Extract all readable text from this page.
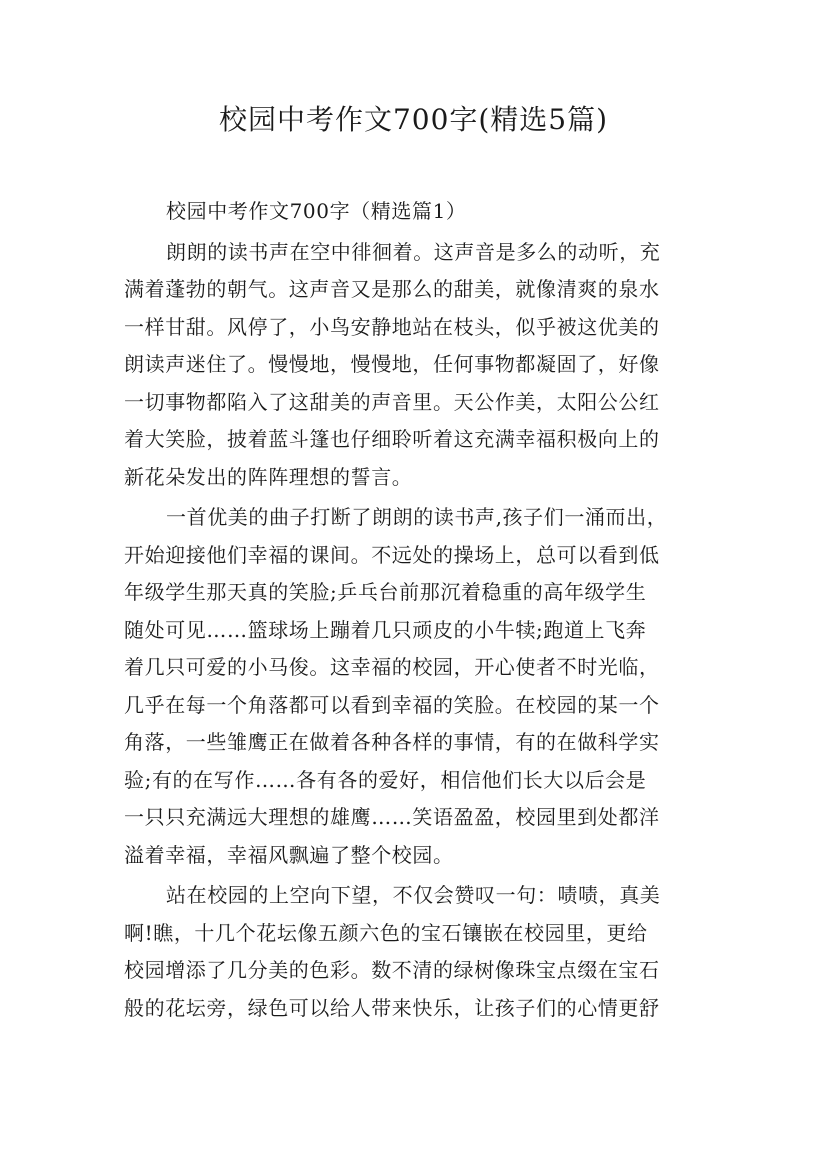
校园中考作文700字(精选5篇)
校园中考作文700字（精选篇1）
朗朗的读书声在空中徘徊着。这声音是多么的动听，充
满着蓬勃的朝气。这声音又是那么的甜美，就像清爽的泉水
一样甘甜。风停了，小鸟安静地站在枝头，似乎被这优美的
朗读声迷住了。慢慢地，慢慢地，任何事物都凝固了，好像
一切事物都陷入了这甜美的声音里。天公作美，太阳公公红
着大笑脸，披着蓝斗篷也仔细聆听着这充满幸福积极向上的
新花朵发出的阵阵理想的誓言。
一首优美的曲子打断了朗朗的读书声,孩子们一涌而出，
开始迎接他们幸福的课间。不远处的操场上，总可以看到低
年级学生那天真的笑脸;乒乓台前那沉着稳重的高年级学生
随处可见……篮球场上蹦着几只顽皮的小牛犊;跑道上飞奔
着几只可爱的小马俊。这幸福的校园，开心使者不时光临，
几乎在每一个角落都可以看到幸福的笑脸。在校园的某一个
角落，一些雏鹰正在做着各种各样的事情，有的在做科学实
验;有的在写作……各有各的爱好，相信他们长大以后会是
一只只充满远大理想的雄鹰……笑语盈盈，校园里到处都洋
溢着幸福，幸福风飘遍了整个校园。
站在校园的上空向下望，不仅会赞叹一句：啧啧，真美
啊!瞧，十几个花坛像五颜六色的宝石镶嵌在校园里，更给
校园增添了几分美的色彩。数不清的绿树像珠宝点缀在宝石
般的花坛旁，绿色可以给人带来快乐，让孩子们的心情更舒
